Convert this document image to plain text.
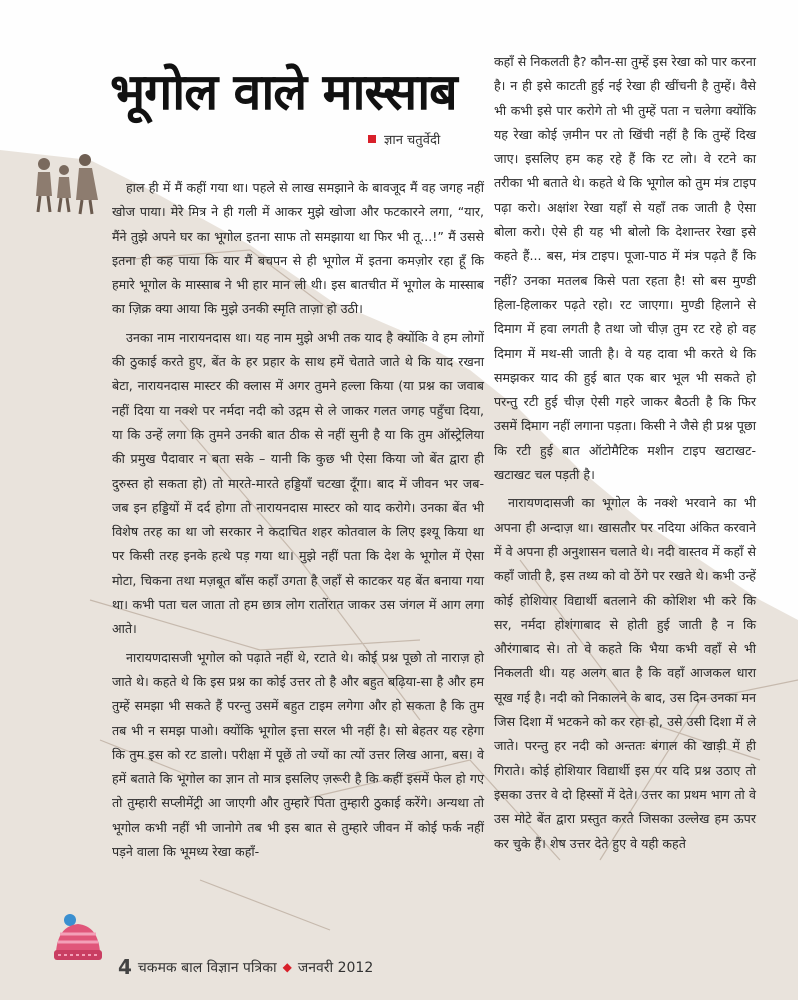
भूगोल वाले मास्साब
ज्ञान चतुर्वेदी

हाल ही में मैं कहीं गया था। पहले से लाख समझाने के बावजूद मैं वह जगह नहीं खोज पाया। मेरे मित्र ने ही गली में आकर मुझे खोजा और फटकारने लगा, “यार, मैंने तुझे अपने घर का भूगोल इतना साफ तो समझाया था फिर भी तू...!” मैं उससे इतना ही कह पाया कि यार मैं बचपन से ही भूगोल में इतना कमज़ोर रहा हूँ कि हमारे भूगोल के मास्साब ने भी हार मान ली थी। इस बातचीत में भूगोल के मास्साब का ज़िक्र क्या आया कि मुझे उनकी स्मृति ताज़ा हो उठी।

उनका नाम नारायनदास था। यह नाम मुझे अभी तक याद है क्योंकि वे हम लोगों की ठुकाई करते हुए, बेंत के हर प्रहार के साथ हमें चेताते जाते थे कि याद रखना बेटा, नारायनदास मास्टर की क्लास में अगर तुमने हल्ला किया (या प्रश्न का जवाब नहीं दिया या नक्शे पर नर्मदा नदी को उद्गम से ले जाकर गलत जगह पहुँचा दिया, या कि उन्हें लगा कि तुमने उनकी बात ठीक से नहीं सुनी है या कि तुम ऑस्ट्रेलिया की प्रमुख पैदावार न बता सके – यानी कि कुछ भी ऐसा किया जो बेंत द्वारा ही दुरुस्त हो सकता हो) तो मारते-मारते हड्डियाँ चटखा दूँगा। बाद में जीवन भर जब-जब इन हड्डियों में दर्द होगा तो नारायनदास मास्टर को याद करोगे। उनका बेंत भी विशेष तरह का था जो सरकार ने कदाचित शहर कोतवाल के लिए इश्यू किया था पर किसी तरह इनके हत्थे पड़ गया था। मुझे नहीं पता कि देश के भूगोल में ऐसा मोटा, चिकना तथा मज़बूत बाँस कहाँ उगता है जहाँ से काटकर यह बेंत बनाया गया था। कभी पता चल जाता तो हम छात्र लोग रातोंरात जाकर उस जंगल में आग लगा आते।

नारायणदासजी भूगोल को पढ़ाते नहीं थे, रटाते थे। कोई प्रश्न पूछो तो नाराज़ हो जाते थे। कहते थे कि इस प्रश्न का कोई उत्तर तो है और बहुत बढ़िया-सा है और हम तुम्हें समझा भी सकते हैं परन्तु उसमें बहुत टाइम लगेगा और हो सकता है कि तुम तब भी न समझ पाओ। क्योंकि भूगोल इत्ता सरल भी नहीं है। सो बेहतर यह रहेगा कि तुम इस को रट डालो। परीक्षा में पूछें तो ज्यों का त्यों उत्तर लिख आना, बस। वे हमें बताते कि भूगोल का ज्ञान तो मात्र इसलिए ज़रूरी है कि कहीं इसमें फेल हो गए तो तुम्हारी सप्लीमेंट्री आ जाएगी और तुम्हारे पिता तुम्हारी ठुकाई करेंगे। अन्यथा तो भूगोल कभी नहीं भी जानोगे तब भी इस बात से तुम्हारे जीवन में कोई फर्क नहीं पड़ने वाला कि भूमध्य रेखा कहाँ-

कहाँ से निकलती है? कौन-सा तुम्हें इस रेखा को पार करना है। न ही इसे काटती हुई नई रेखा ही खींचनी है तुम्हें। वैसे भी कभी इसे पार करोगे तो भी तुम्हें पता न चलेगा क्योंकि यह रेखा कोई ज़मीन पर तो खिंची नहीं है कि तुम्हें दिख जाए। इसलिए हम कह रहे हैं कि रट लो। वे रटने का तरीका भी बताते थे। कहते थे कि भूगोल को तुम मंत्र टाइप पढ़ा करो। अक्षांश रेखा यहाँ से यहाँ तक जाती है ऐसा बोला करो। ऐसे ही यह भी बोलो कि देशान्तर रेखा इसे कहते हैं... बस, मंत्र टाइप। पूजा-पाठ में मंत्र पढ़ते हैं कि नहीं? उनका मतलब किसे पता रहता है! सो बस मुण्डी हिला-हिलाकर पढ़ते रहो। रट जाएगा। मुण्डी हिलाने से दिमाग में हवा लगती है तथा जो चीज़ तुम रट रहे हो वह दिमाग में मथ-सी जाती है। वे यह दावा भी करते थे कि समझकर याद की हुई बात एक बार भूल भी सकते हो परन्तु रटी हुई चीज़ ऐसी गहरे जाकर बैठती है कि फिर उसमें दिमाग नहीं लगाना पड़ता। किसी ने जैसे ही प्रश्न पूछा कि रटी हुई बात ऑटोमैटिक मशीन टाइप खटाखट-खटाखट चल पड़ती है।

नारायणदासजी का भूगोल के नक्शे भरवाने का भी अपना ही अन्दाज़ था। खासतौर पर नदिया अंकित करवाने में वे अपना ही अनुशासन चलाते थे। नदी वास्तव में कहाँ से कहाँ जाती है, इस तथ्य को वो ठेंगे पर रखते थे। कभी उन्हें कोई होशियार विद्यार्थी बतलाने की कोशिश भी करे कि सर, नर्मदा होशंगाबाद से होती हुई जाती है न कि औरंगाबाद से। तो वे कहते कि भैया कभी वहाँ से भी निकलती थी। यह अलग बात है कि वहाँ आजकल धारा सूख गई है। नदी को निकालने के बाद, उस दिन उनका मन जिस दिशा में भटकने को कर रहा हो, उसे उसी दिशा में ले जाते। परन्तु हर नदी को अन्ततः बंगाल की खाड़ी में ही गिराते। कोई होशियार विद्यार्थी इस पर यदि प्रश्न उठाए तो इसका उत्तर वे दो हिस्सों में देते। उत्तर का प्रथम भाग तो वे उस मोटे बेंत द्वारा प्रस्तुत करते जिसका उल्लेख हम ऊपर कर चुके हैं। शेष उत्तर देते हुए वे यही कहते

4 चकमक बाल विज्ञान पत्रिका ◆ जनवरी 2012
